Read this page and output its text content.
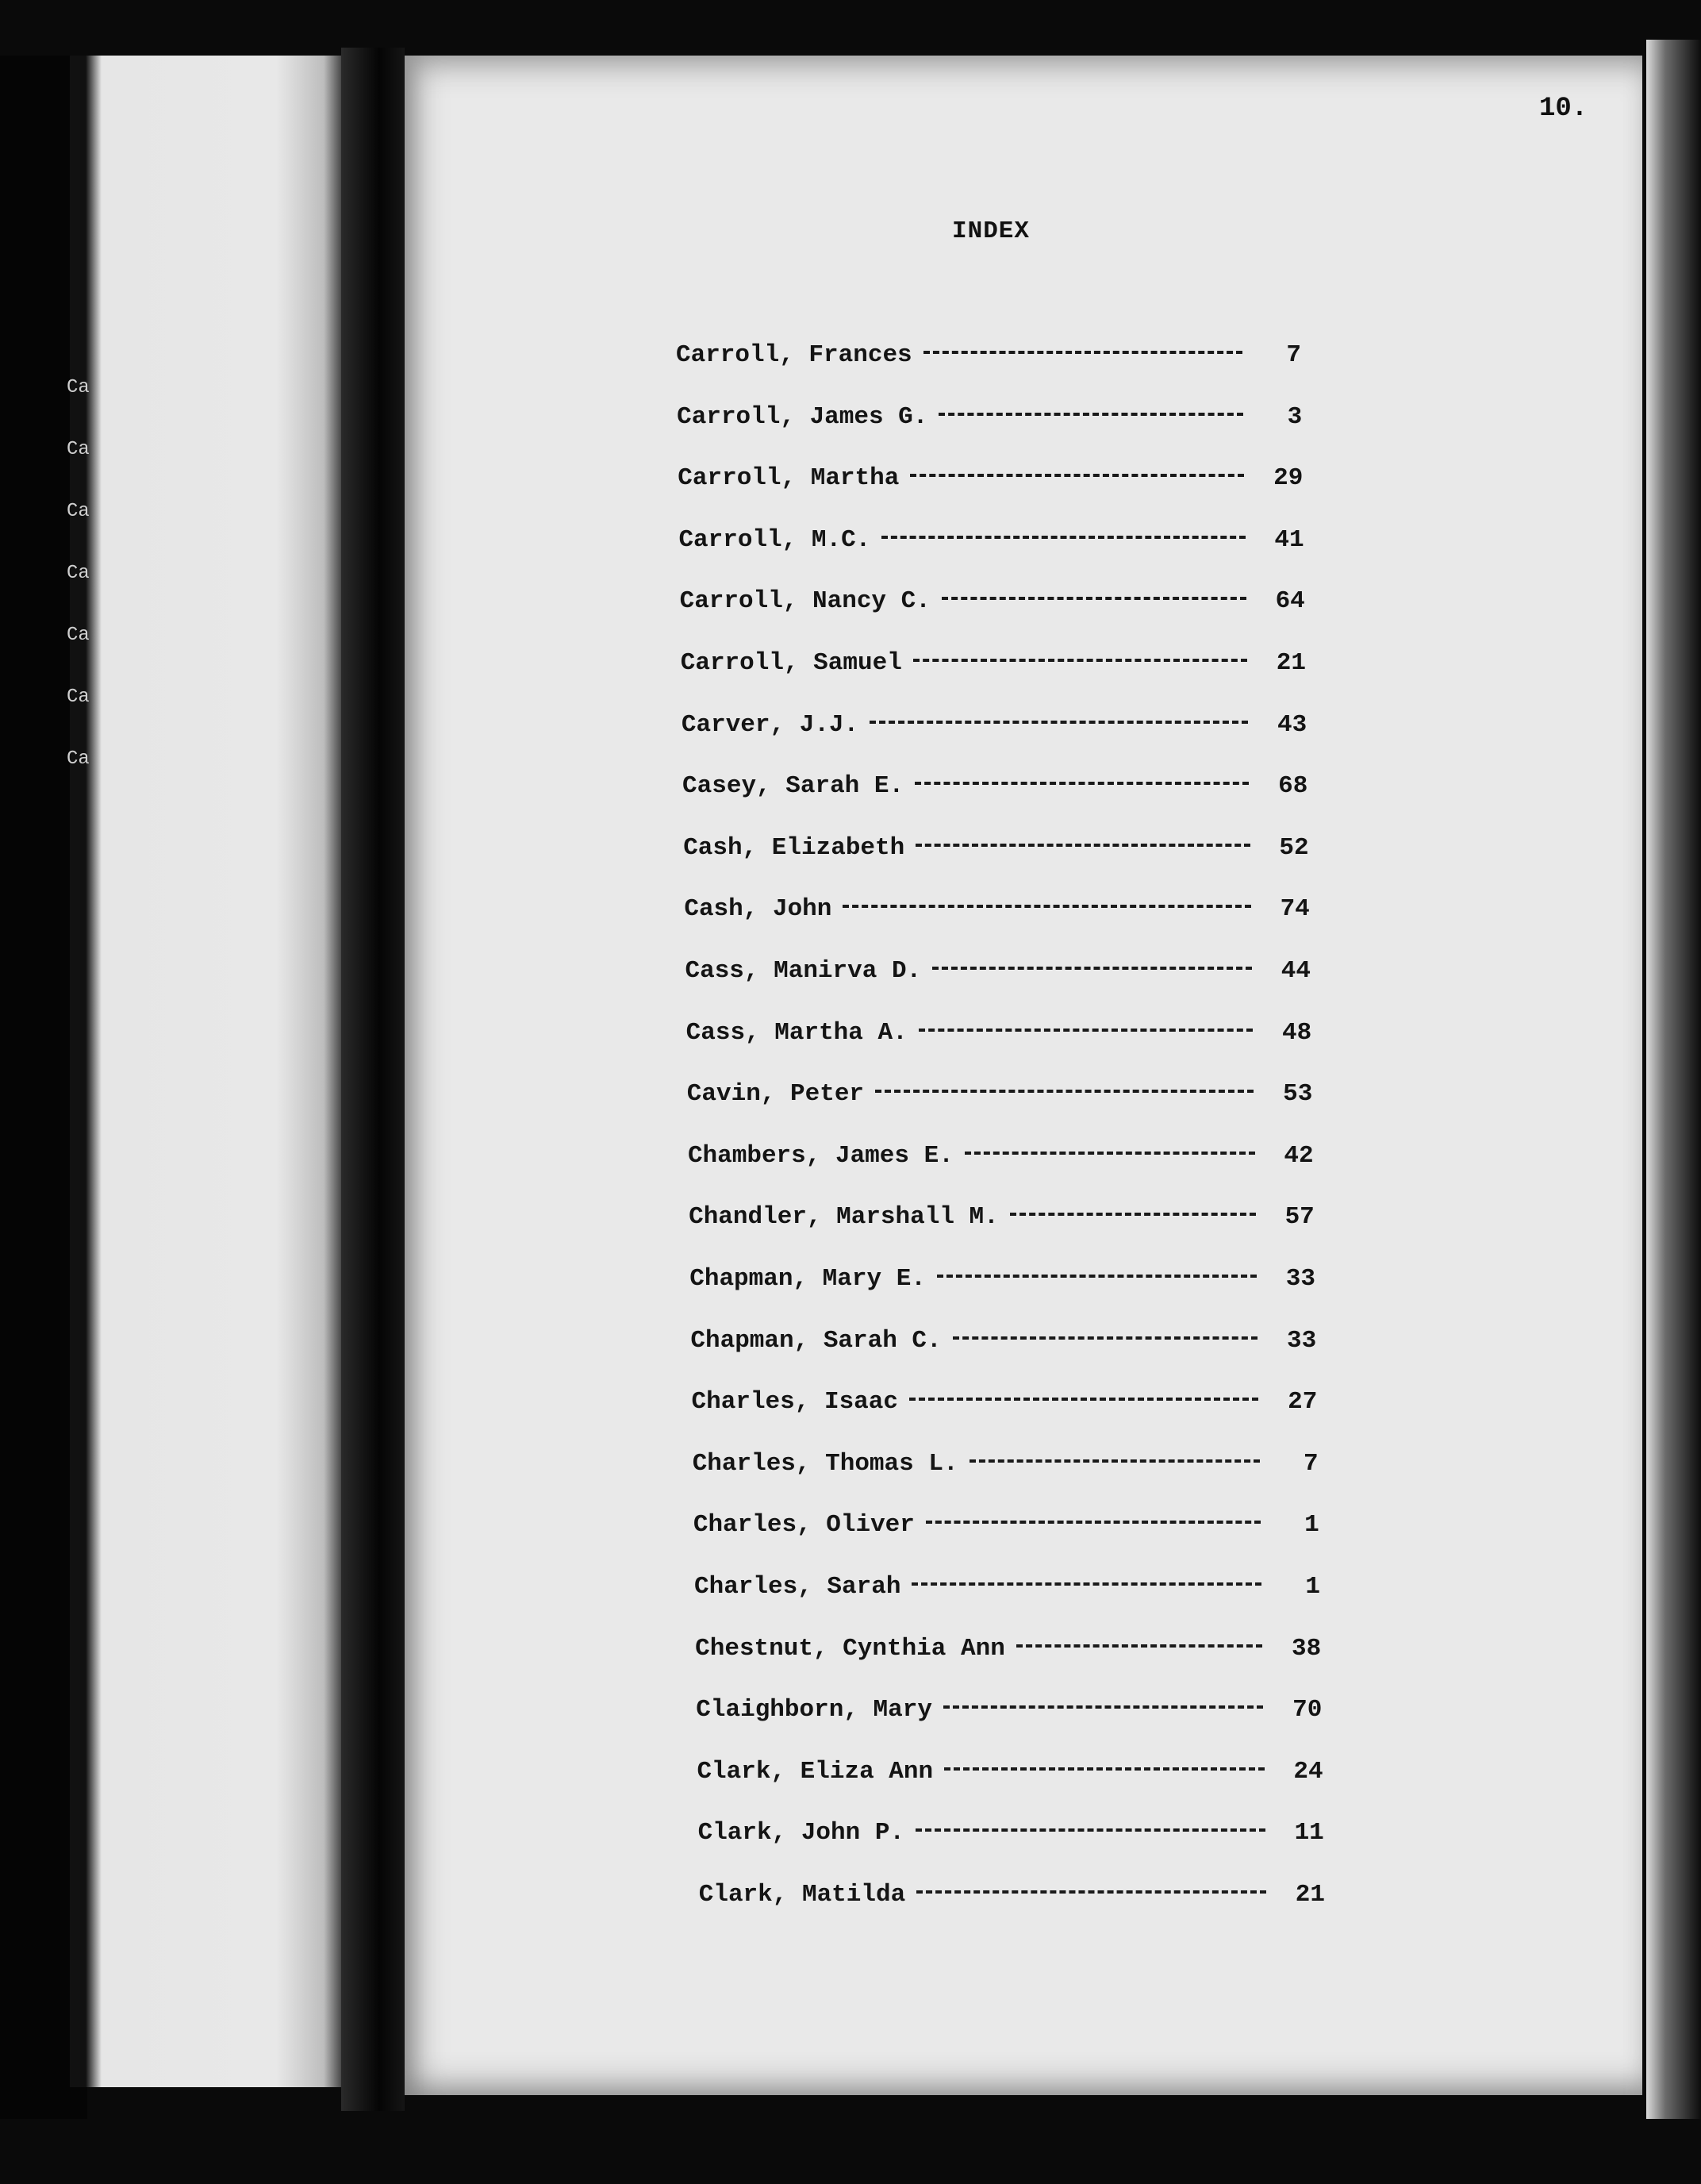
Ca
Ca
Ca
Ca
Ca
Ca
Ca
10.
INDEX
Carroll, Frances	7
Carroll, James G.	3
Carroll, Martha	29
Carroll, M.C.	41
Carroll, Nancy C.	64
Carroll, Samuel	21
Carver, J.J.	43
Casey, Sarah E.	68
Cash, Elizabeth	52
Cash, John	74
Cass, Manirva D.	44
Cass, Martha A.	48
Cavin, Peter	53
Chambers, James E.	42
Chandler, Marshall M.	57
Chapman, Mary E.	33
Chapman, Sarah C.	33
Charles, Isaac	27
Charles, Thomas L.	7
Charles, Oliver	1
Charles, Sarah	1
Chestnut, Cynthia Ann	38
Claighborn, Mary	70
Clark, Eliza Ann	24
Clark, John P.	11
Clark, Matilda	21
